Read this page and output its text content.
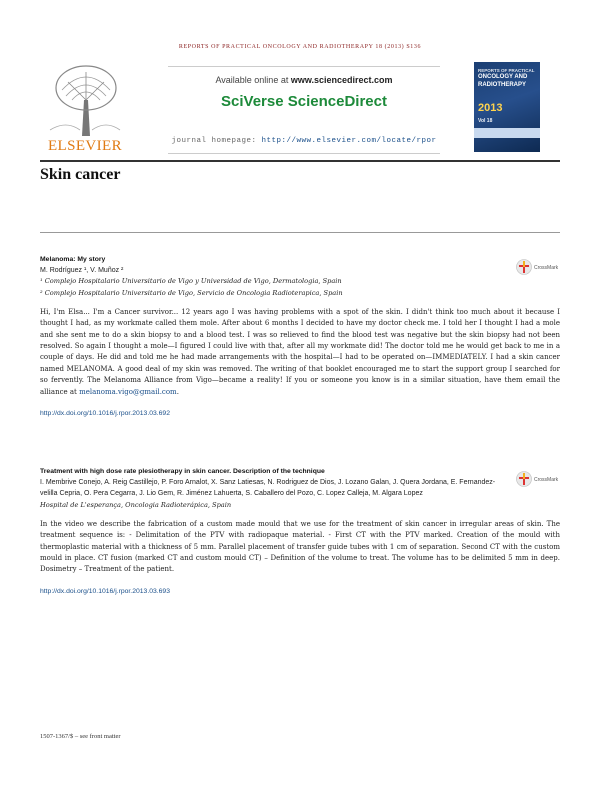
REPORTS OF PRACTICAL ONCOLOGY AND RADIOTHERAPY 18 (2013) S136
ELSEVIER
Available online at www.sciencedirect.com
SciVerse ScienceDirect
journal homepage: http://www.elsevier.com/locate/rpor
REPORTS OF PRACTICAL
ONCOLOGY AND
RADIOTHERAPY
2013
Vol 18
Skin cancer
CrossMark
Melanoma: My story
M. Rodríguez ¹, V. Muñoz ²
¹ Complejo Hospitalario Universitario de Vigo y Universidad de Vigo, Dermatologia, Spain
² Complejo Hospitalario Universitario de Vigo, Servicio de Oncologia Radioterapica, Spain

Hi, I'm Elsa... I'm a Cancer survivor... 12 years ago I was having problems with a spot of the skin. I didn't think too much about it because I thought I had, as my workmate called them mole. After about 6 months I decided to have my doctor check me. I told her I thought I had a mole and she sent me to do a skin biopsy to and a blood test. I was so relieved to find the blood test was negative but the skin biopsy had not been resolved. So again I thought a mole—I figured I could live with that, after all my workmate did! The doctor told me he would get back to me in a couple of days. He did and told me he had made arrangements with the hospital—I had to be operated on—IMMEDIATELY. I had a skin cancer named MELANOMA. A good deal of my skin was removed. The writing of that booklet encouraged me to start the support group I searched for so fervently. The Melanoma Alliance from Vigo—became a reality! If you or someone you know is in a similar situation, have them email the alliance at melanoma.vigo@gmail.com.

http://dx.doi.org/10.1016/j.rpor.2013.03.692
CrossMark
Treatment with high dose rate plesiotherapy in skin cancer. Description of the technique
I. Membrive Conejo, A. Reig Castillejo, P. Foro Arnalot, X. Sanz Latiesas, N. Rodriguez de Dios, J. Lozano Galan, J. Quera Jordana, E. Fernandez-velilla Cepria, O. Pera Cegarra, J. Lio Gem, R. Jiménez Lahuerta, S. Caballero del Pozo, C. Lopez Calleja, M. Algara Lopez
Hospital de L'esperança, Oncologia Radioterápica, Spain

In the video we describe the fabrication of a custom made mould that we use for the treatment of skin cancer in irregular areas of skin. The treatment sequence is: - Delimitation of the PTV with radiopaque material. - First CT with the PTV marked. Creation of the mould with thermoplastic material with a thickness of 5 mm. Parallel placement of transfer guide tubes with 1 cm of separation. Second CT with the custom mould in place. CT fusion (marked CT and custom mould CT) – Definition of the volume to treat. The volume has to be delimited 5 mm in deep. Dosimetry – Treatment of the patient.

http://dx.doi.org/10.1016/j.rpor.2013.03.693
1507-1367/$ – see front matter
